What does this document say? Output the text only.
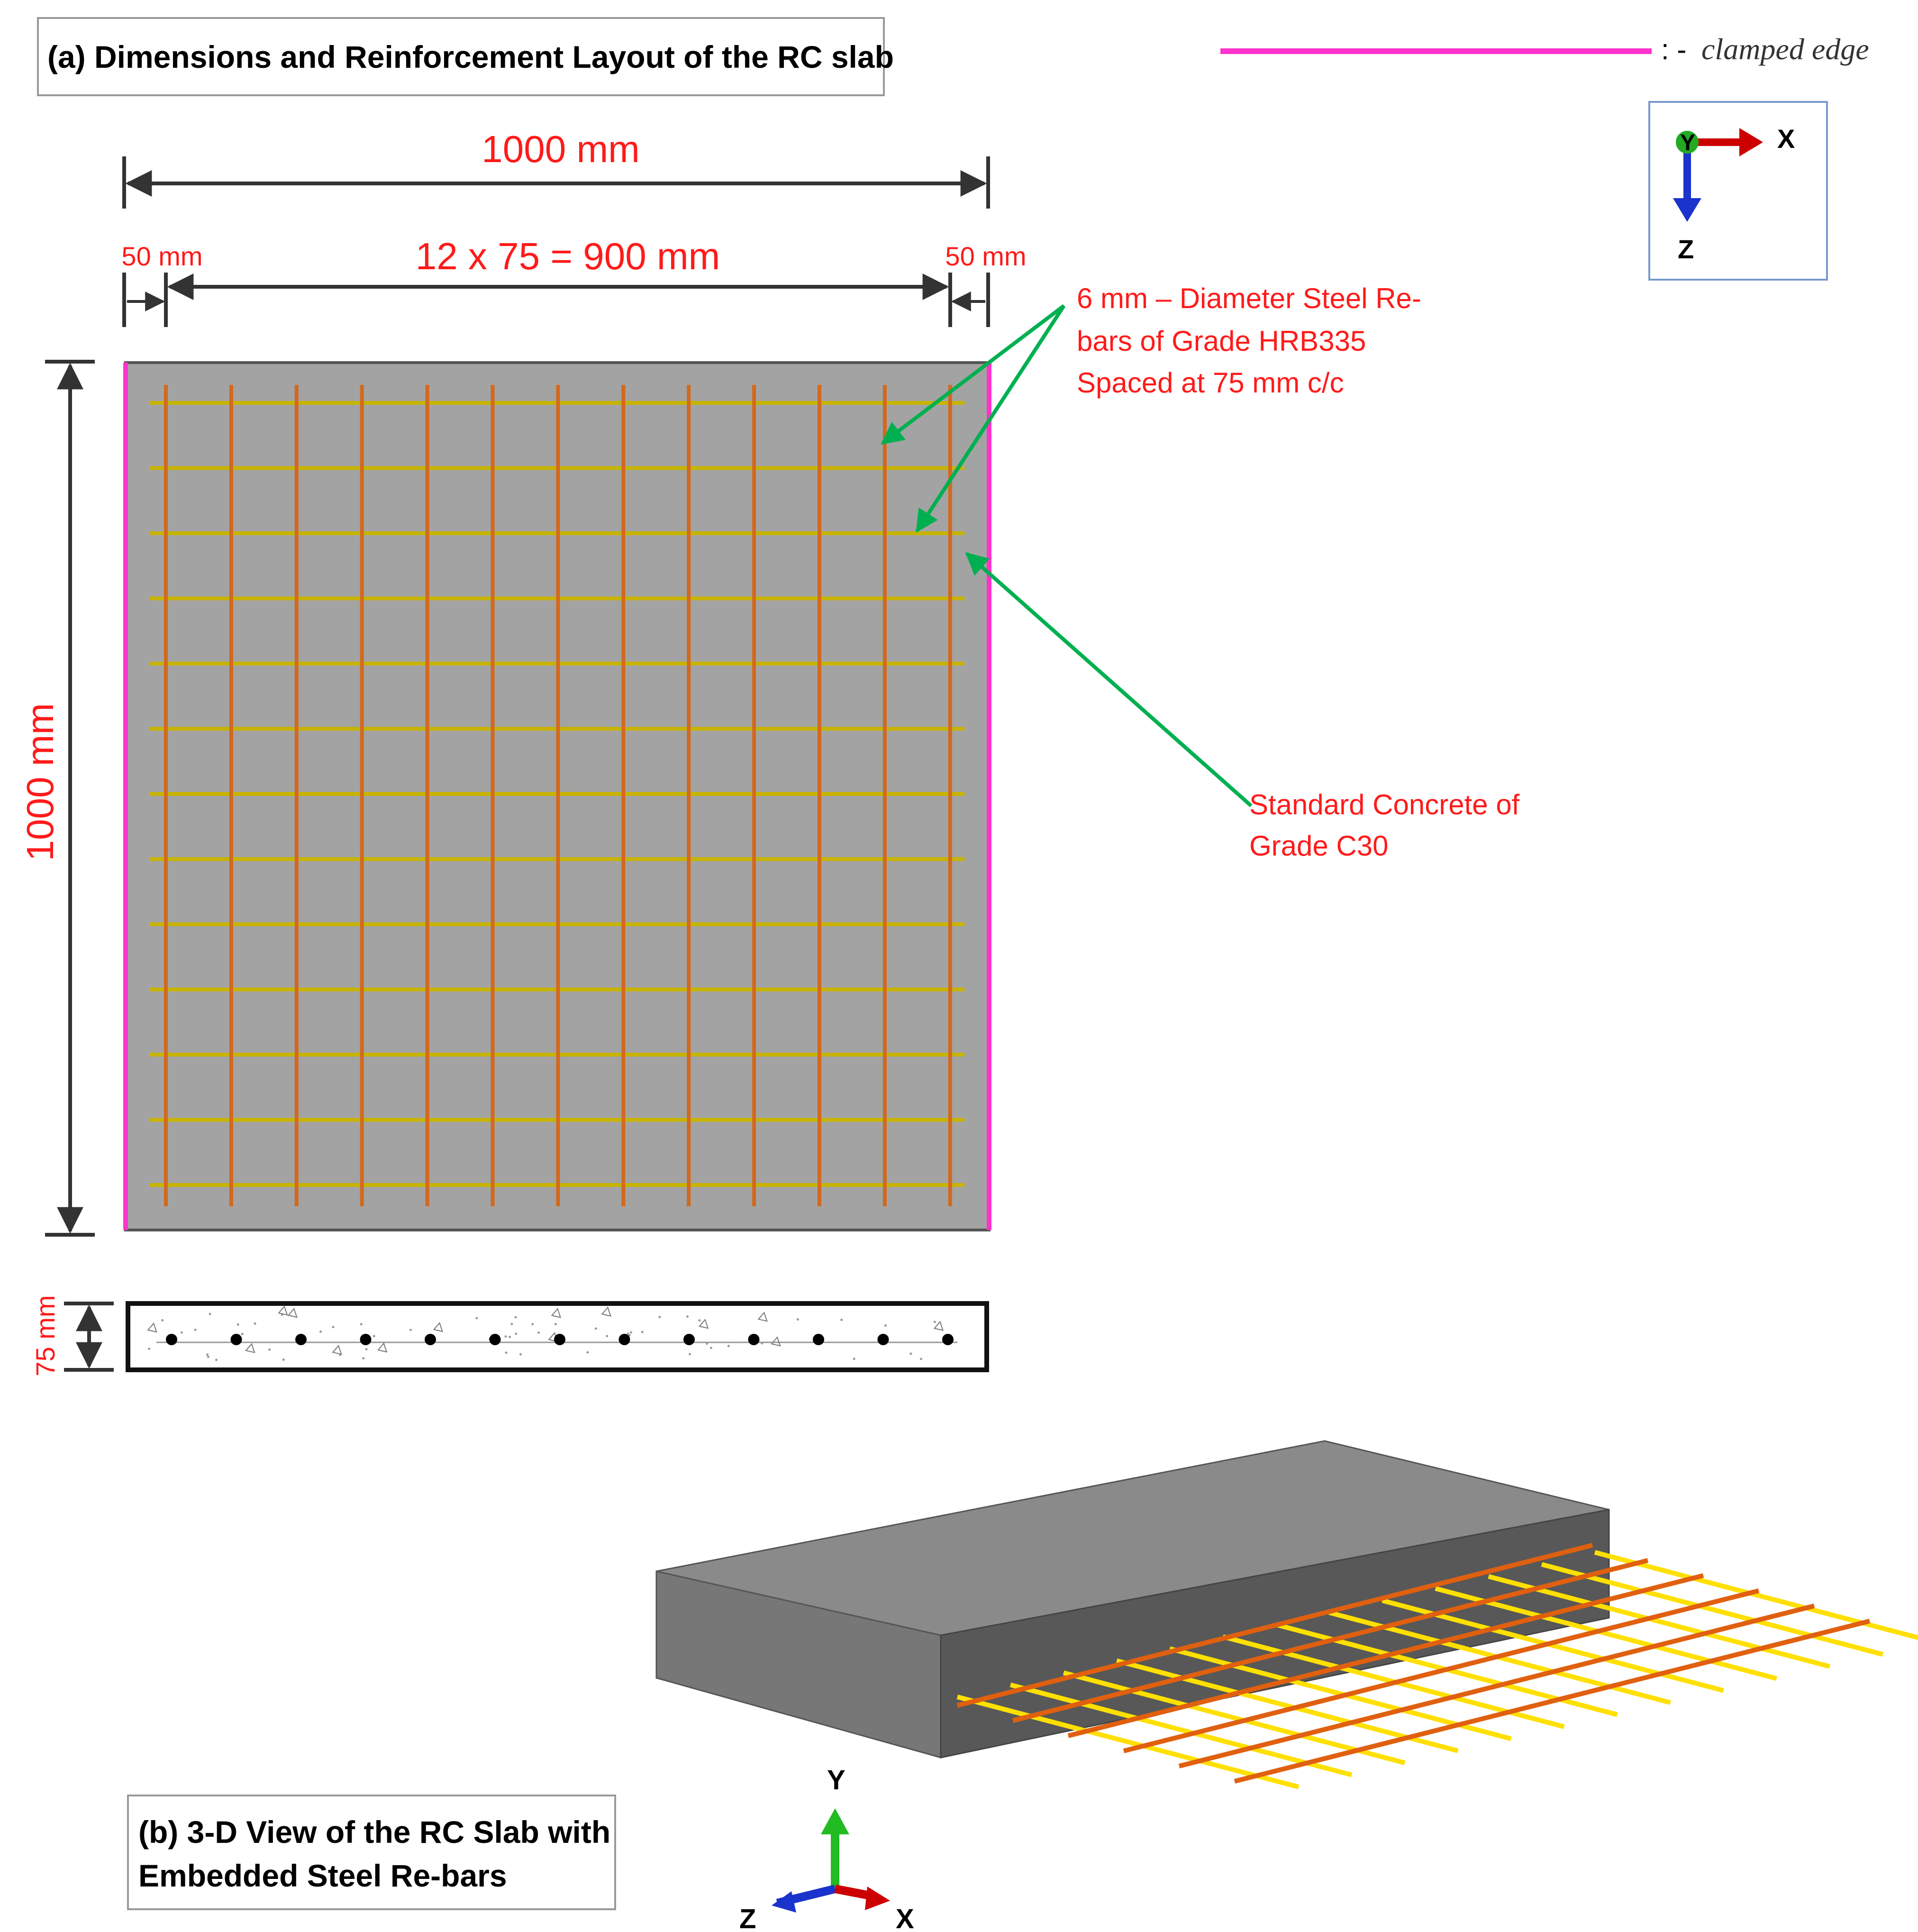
(a) Dimensions and Reinforcement Layout of the RC slab	: - clamped edge
Y	X
Z
1000 mm
12 x 75 = 900 mm
50 mm	50 mm
1000 mm
6 mm – Diameter Steel Re-
bars of Grade HRB335
Spaced at 75 mm c/c
Standard Concrete of
Grade C30
75 mm
(b) 3-D View of the RC Slab with
Embedded Steel Re-bars
Y
Z	X
